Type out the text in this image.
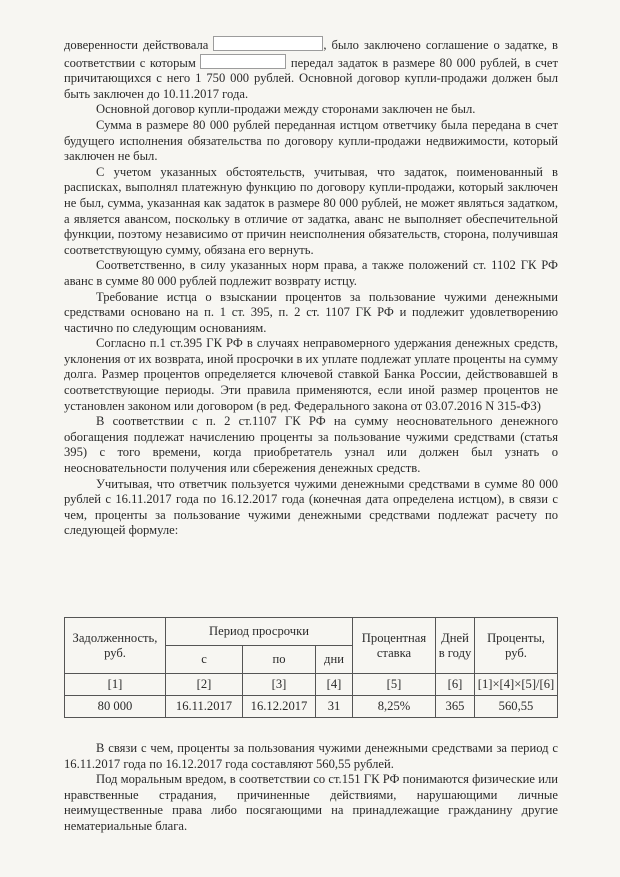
доверенности действовала	, было заключено соглашение о задатке, в соответствии с которым	передал задаток в размере 80 000 рублей, в счет причитающихся с него 1 750 000 рублей. Основной договор купли-продажи должен был быть заключен до 10.11.2017 года.

Основной договор купли-продажи между сторонами заключен не был.

Сумма в размере 80 000 рублей переданная истцом ответчику была передана в счет будущего исполнения обязательства по договору купли-продажи недвижимости, который заключен не был.

С учетом указанных обстоятельств, учитывая, что задаток, поименованный в расписках, выполнял платежную функцию по договору купли-продажи, который заключен не был, сумма, указанная как задаток в размере 80 000 рублей, не может являться задатком, а является авансом, поскольку в отличие от задатка, аванс не выполняет обеспечительной функции, поэтому независимо от причин неисполнения обязательств, сторона, получившая соответствующую сумму, обязана его вернуть.

Соответственно, в силу указанных норм права, а также положений ст. 1102 ГК РФ аванс в сумме 80 000 рублей подлежит возврату истцу.

Требование истца о взыскании процентов за пользование чужими денежными средствами основано на п. 1 ст. 395, п. 2 ст. 1107 ГК РФ и подлежит удовлетворению частично по следующим основаниям.

Согласно п.1 ст.395 ГК РФ в случаях неправомерного удержания денежных средств, уклонения от их возврата, иной просрочки в их уплате подлежат уплате проценты на сумму долга. Размер процентов определяется ключевой ставкой Банка России, действовавшей в соответствующие периоды. Эти правила применяются, если иной размер процентов не установлен законом или договором (в ред. Федерального закона от 03.07.2016 N 315-ФЗ)

В соответствии с п. 2 ст.1107 ГК РФ на сумму неосновательного денежного обогащения подлежат начислению проценты за пользование чужими средствами (статья 395) с того времени, когда приобретатель узнал или должен был узнать о неосновательности получения или сбережения денежных средств.

Учитывая, что ответчик пользуется чужими денежными средствами в сумме 80 000 рублей с 16.11.2017 года по 16.12.2017 года (конечная дата определена истцом), в связи с чем, проценты за пользование чужими денежными средствами подлежат расчету по следующей формуле:

Задолженность, руб.	Период просрочки			Процентная ставка	Дней в году	Проценты, руб.
	с	по	дни			
[1]	[2]	[3]	[4]	[5]	[6]	[1]×[4]×[5]/[6]
80 000	16.11.2017	16.12.2017	31	8,25%	365	560,55

В связи с чем, проценты за пользования чужими денежными средствами за период с 16.11.2017 года по 16.12.2017 года составляют 560,55 рублей.

Под моральным вредом, в соответствии со ст.151 ГК РФ понимаются физические или нравственные страдания, причиненные действиями, нарушающими личные неимущественные права либо посягающими на принадлежащие гражданину другие нематериальные блага.
